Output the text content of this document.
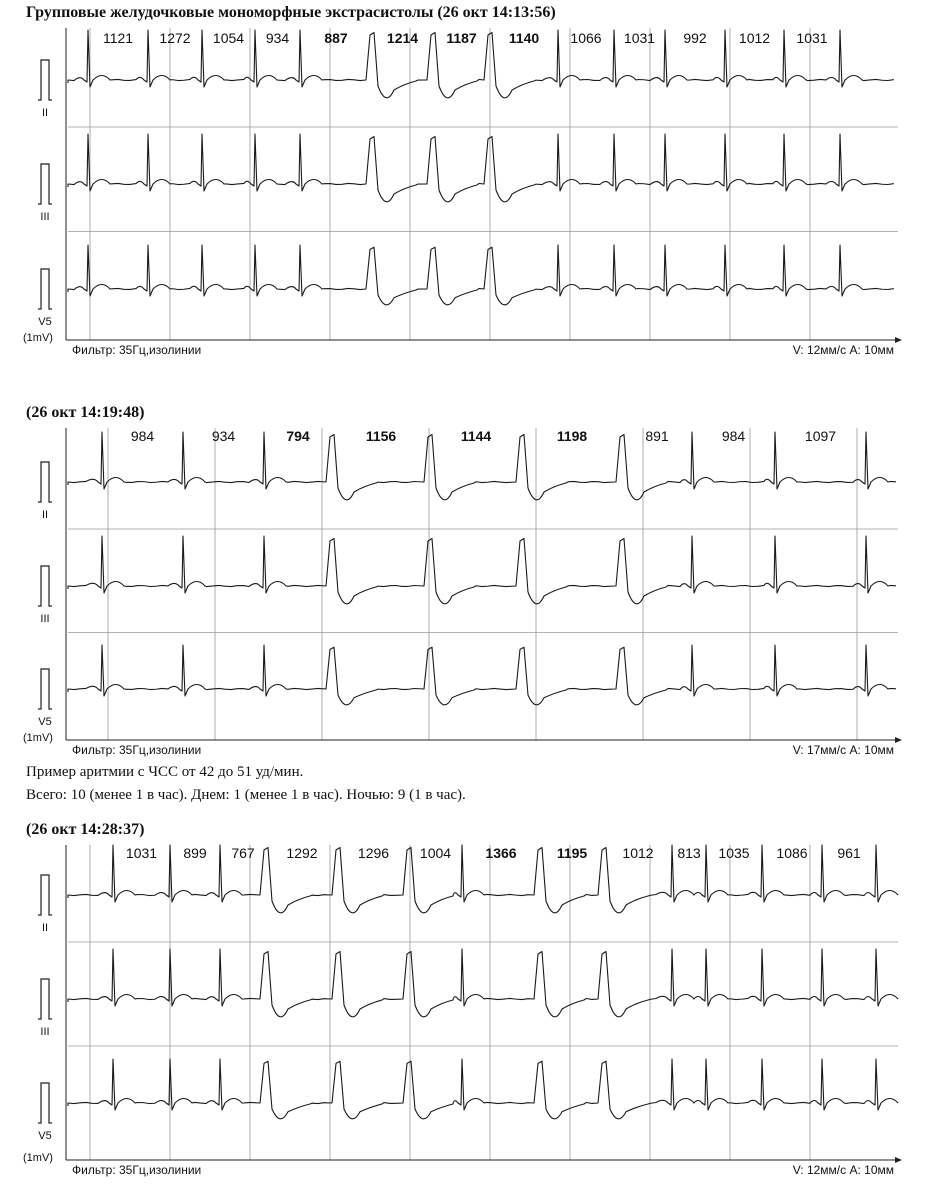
Групповые желудочковые мономорфные экстрасистолы (26 окт 14:13:56)
II
III
V5
1121 1272 1054 934	887	1214 1187 1140 1066 1031 992 1012 1031
(1mV)
Фильтр: 35Гц,изолинии	V: 12мм/с A: 10мм
(26 окт 14:19:48)
II
III
V5
984	934	794	1156	1144	1198	891	984	1097
(1mV)
Фильтр: 35Гц,изолинии	V: 17мм/с A: 10мм
Пример аритмии с ЧСС от 42 до 51 уд/мин.
Всего: 10 (менее 1 в час). Днем: 1 (менее 1 в час). Ночью: 9 (1 в час).
(26 окт 14:28:37)
II
III
V5
1031 899 767 1292	1296 1004 1366	1195	1012 813 1035 1086 961
(1mV)
Фильтр: 35Гц,изолинии	V: 12мм/с A: 10мм
